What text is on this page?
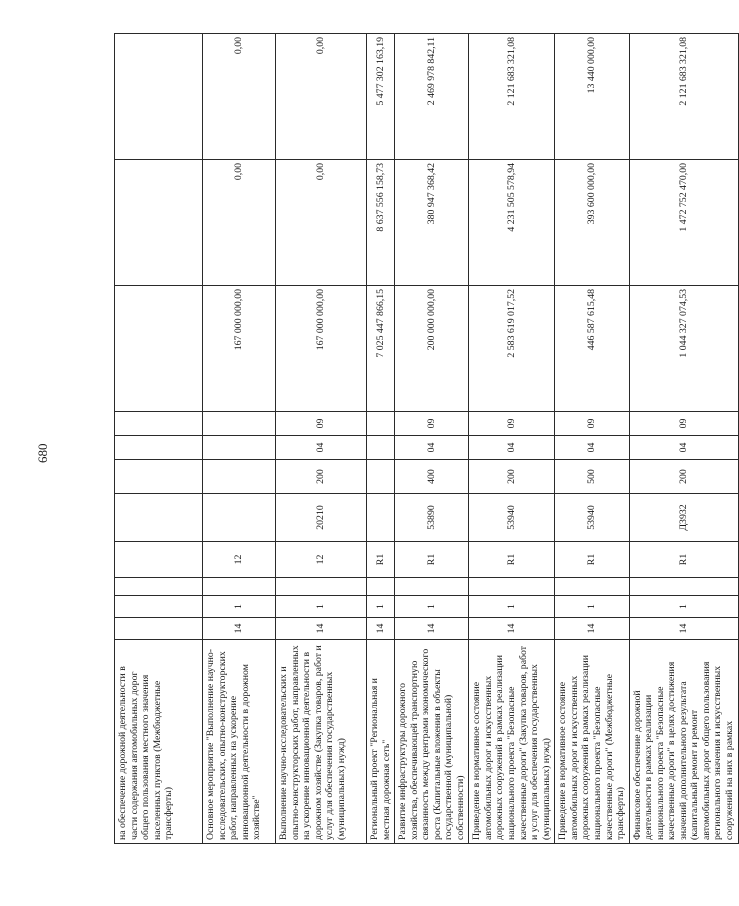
680
на обеспечение дорожной деятельности в части содержания автомобильных дорог общего пользования местного значения населенных пунктов (Межбюджетные трансферты)											
Основное мероприятие "Выполнение научно-исследовательских, опытно-конструкторских работ, направленных на ускорение инновационной деятельности в дорожном хозяйстве"	14	1		12					167 000 000,00	0,00	0,00
Выполнение научно-исследовательских и опытно-конструкторских работ, направленных на ускорение инновационной деятельности в дорожном хозяйстве (Закупка товаров, работ и услуг для обеспечения государственных (муниципальных) нужд)	14	1		12	20210	200	04	09	167 000 000,00	0,00	0,00
Региональный проект "Региональная и местная дорожная сеть"	14	1		R1					7 025 447 866,15	8 637 556 158,73	5 477 302 163,19
Развитие инфраструктуры дорожного хозяйства, обеспечивающей транспортную связанность между центрами экономического роста (Капитальные вложения в объекты государственной (муниципальной) собственности)	14	1		R1	53890	400	04	09	200 000 000,00	380 947 368,42	2 469 978 842,11
Приведение в нормативное состояние автомобильных дорог и искусственных дорожных сооружений в рамках реализации национального проекта "Безопасные качественные дороги" (Закупка товаров, работ и услуг для обеспечения государственных (муниципальных) нужд)	14	1		R1	53940	200	04	09	2 583 619 017,52	4 231 505 578,94	2 121 683 321,08
Приведение в нормативное состояние автомобильных дорог и искусственных дорожных сооружений в рамках реализации национального проекта "Безопасные качественные дороги" (Межбюджетные трансферты)	14	1		R1	53940	500	04	09	446 587 615,48	393 600 000,00	13 440 000,00
Финансовое обеспечение дорожной деятельности в рамках реализации национального проекта "Безопасные качественные дороги" в целях достижения значений дополнительного результата (капитальный ремонт и ремонт автомобильных дорог общего пользования регионального значения и искусственных сооружений на них в рамках	14	1		R1	Д3932	200	04	09	1 044 327 074,53	1 472 752 470,00	2 121 683 321,08
